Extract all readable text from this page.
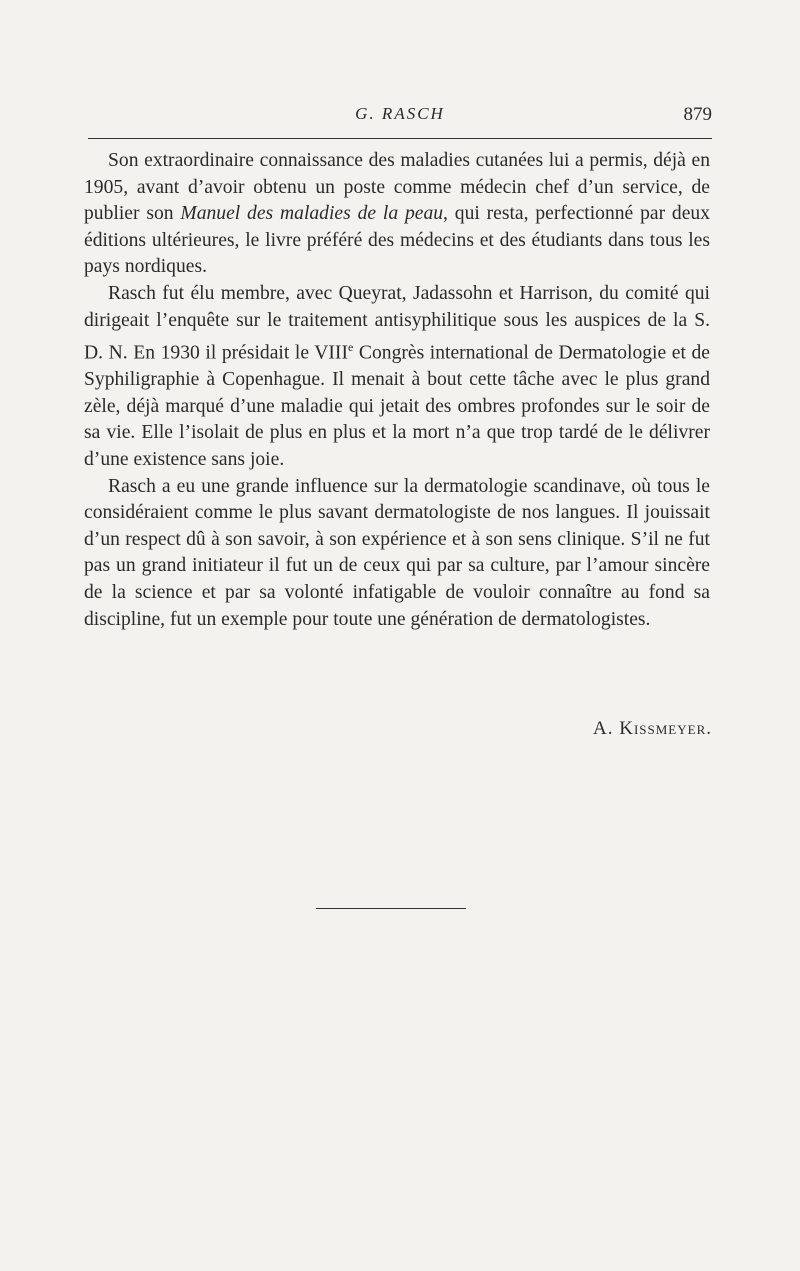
G. RASCH	879

Son extraordinaire connaissance des maladies cutanées lui a permis, déjà en 1905, avant d’avoir obtenu un poste comme médecin chef d’un service, de publier son Manuel des maladies de la peau, qui resta, perfectionné par deux éditions ultérieures, le livre préféré des médecins et des étudiants dans tous les pays nordiques.

Rasch fut élu membre, avec Queyrat, Jadassohn et Harrison, du comité qui dirigeait l’enquête sur le traitement antisyphilitique sous les auspices de la S. D. N. En 1930 il présidait le VIIIe Congrès international de Dermatologie et de Syphiligraphie à Copenhague. Il menait à bout cette tâche avec le plus grand zèle, déjà marqué d’une maladie qui jetait des ombres profondes sur le soir de sa vie. Elle l’isolait de plus en plus et la mort n’a que trop tardé de le délivrer d’une existence sans joie.

Rasch a eu une grande influence sur la dermatologie scandinave, où tous le considéraient comme le plus savant dermatologiste de nos langues. Il jouissait d’un respect dû à son savoir, à son expérience et à son sens clinique. S’il ne fut pas un grand initiateur il fut un de ceux qui par sa culture, par l’amour sincère de la science et par sa volonté infatigable de vouloir connaître au fond sa discipline, fut un exemple pour toute une génération de dermatologistes.

A. Kissmeyer.
